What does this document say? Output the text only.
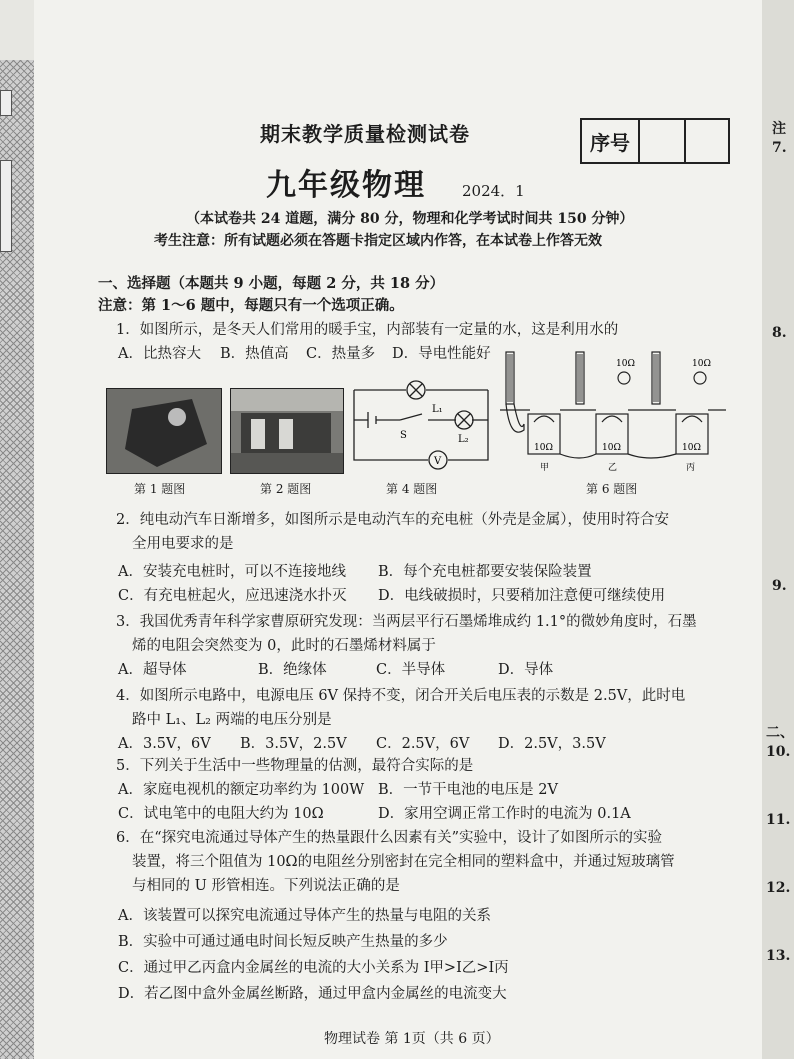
注
7.
8.
9.
二、
10.
11.
12.
13.
期末教学质量检测试卷	序号
九年级物理 2024．1
（本试卷共 24 道题，满分 80 分，物理和化学考试时间共 150 分钟）
考生注意：所有试题必须在答题卡指定区域内作答，在本试卷上作答无效
一、选择题（本题共 9 小题，每题 2 分，共 18 分）
注意：第 1～6 题中，每题只有一个选项正确。
1．如图所示，是冬天人们常用的暖手宝，内部装有一定量的水，这是利用水的
A．比热容大 B．热值高 C．热量多 D．导电性能好
第 1 题图	第 2 题图
L₁
L₂
S
V
第 4 题图
10Ω	10Ω
10Ω	10Ω	10Ω
甲	乙	丙
第 6 题图
2．纯电动汽车日渐增多，如图所示是电动汽车的充电桩（外壳是金属），使用时符合安
全用电要求的是
A．安装充电桩时，可以不连接地线 B．每个充电桩都要安装保险装置
C．有充电桩起火，应迅速浇水扑灭 D．电线破损时，只要稍加注意便可继续使用
3．我国优秀青年科学家曹原研究发现：当两层平行石墨烯堆成约 1.1°的微妙角度时，石墨
烯的电阻会突然变为 0，此时的石墨烯材料属于
A．超导体	B．绝缘体	C．半导体	D．导体
4．如图所示电路中，电源电压 6V 保持不变，闭合开关后电压表的示数是 2.5V，此时电
路中 L₁、L₂ 两端的电压分别是
A．3.5V，6V B．3.5V，2.5V C．2.5V，6V D．2.5V，3.5V
5．下列关于生活中一些物理量的估测，最符合实际的是
A．家庭电视机的额定功率约为 100W B．一节干电池的电压是 2V
C．试电笔中的电阻大约为 10Ω	D．家用空调正常工作时的电流为 0.1A
6．在“探究电流通过导体产生的热量跟什么因素有关”实验中，设计了如图所示的实验
装置，将三个阻值为 10Ω的电阻丝分别密封在完全相同的塑料盒中，并通过短玻璃管
与相同的 U 形管相连。下列说法正确的是
A．该装置可以探究电流通过导体产生的热量与电阻的关系
B．实验中可通过通电时间长短反映产生热量的多少
C．通过甲乙丙盒内金属丝的电流的大小关系为 I甲>I乙>I丙
D．若乙图中盒外金属丝断路，通过甲盒内金属丝的电流变大
物理试卷 第 1页（共 6 页）
